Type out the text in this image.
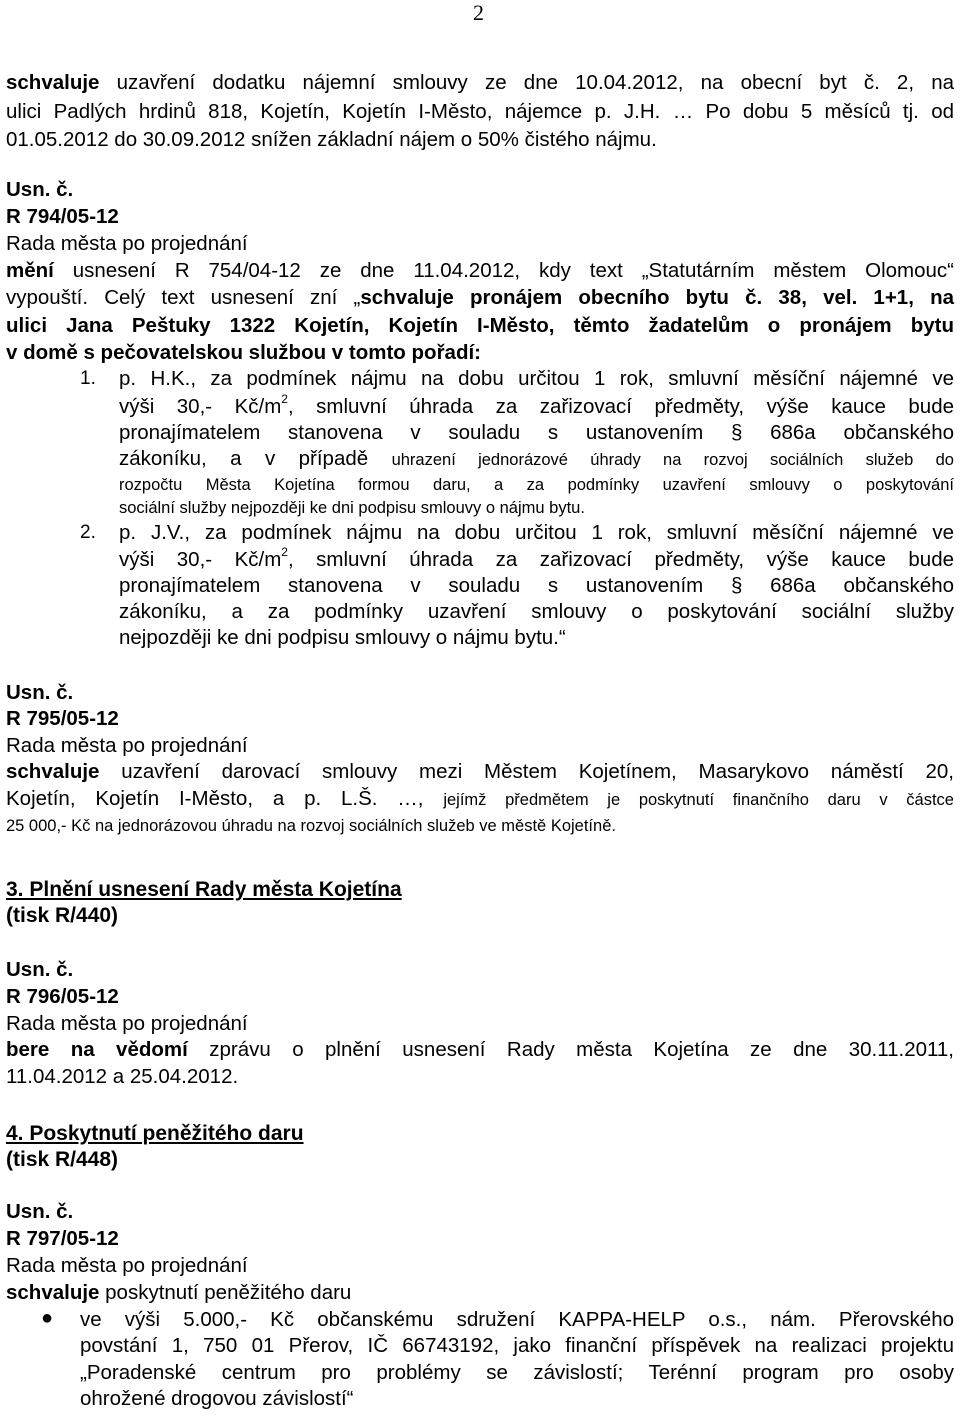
2
schvaluje uzavření dodatku nájemní smlouvy ze dne 10.04.2012, na obecní byt č. 2, na
ulici Padlých hrdinů 818, Kojetín, Kojetín I-Město, nájemce p. J.H. … Po dobu 5 měsíců tj. od
01.05.2012 do 30.09.2012 snížen základní nájem o 50% čistého nájmu.
Usn. č.
R 794/05-12
Rada města po projednání
mění usnesení R 754/04-12 ze dne 11.04.2012, kdy text „Statutárním městem Olomouc“
vypouští. Celý text usnesení zní „schvaluje pronájem obecního bytu č. 38, vel. 1+1, na
ulici Jana Peštuky 1322 Kojetín, Kojetín I-Město, těmto žadatelům o pronájem bytu
v domě s pečovatelskou službou v tomto pořadí:
1. p. H.K., za podmínek nájmu na dobu určitou 1 rok, smluvní měsíční nájemné ve
výši 30,- $Kč/m^2$, smluvní úhrada za zařizovací předměty, výše kauce bude
pronajímatelem stanovena v souladu s ustanovením § 686a občanského
zákoníku, a v případě uhrazení jednorázové úhrady na rozvoj sociálních služeb do
rozpočtu Města Kojetína formou daru, a za podmínky uzavření smlouvy o poskytování
sociální služby nejpozději ke dni podpisu smlouvy o nájmu bytu.
2. p. J.V., za podmínek nájmu na dobu určitou 1 rok, smluvní měsíční nájemné ve
výši 30,- $Kč/m^2$, smluvní úhrada za zařizovací předměty, výše kauce bude
pronajímatelem stanovena v souladu s ustanovením § 686a občanského
zákoníku, a za podmínky uzavření smlouvy o poskytování sociální služby
nejpozději ke dni podpisu smlouvy o nájmu bytu.“
Usn. č.
R 795/05-12
Rada města po projednání
schvaluje uzavření darovací smlouvy mezi Městem Kojetínem, Masarykovo náměstí 20,
Kojetín, Kojetín I-Město, a p. L.Š. …, jejímž předmětem je poskytnutí finančního daru v částce
25 000,- Kč na jednorázovou úhradu na rozvoj sociálních služeb ve městě Kojetíně.
3. Plnění usnesení Rady města Kojetína
(tisk R/440)
Usn. č.
R 796/05-12
Rada města po projednání
bere na vědomí zprávu o plnění usnesení Rady města Kojetína ze dne 30.11.2011,
11.04.2012 a 25.04.2012.
4. Poskytnutí peněžitého daru
(tisk R/448)
Usn. č.
R 797/05-12
Rada města po projednání
schvaluje poskytnutí peněžitého daru
● ve výši 5.000,- Kč občanskému sdružení KAPPA-HELP o.s., nám. Přerovského
povstání 1, 750 01 Přerov, IČ 66743192, jako finanční příspěvek na realizaci projektu
„Poradenské centrum pro problémy se závislostí; Terénní program pro osoby
ohrožené drogovou závislostí“
